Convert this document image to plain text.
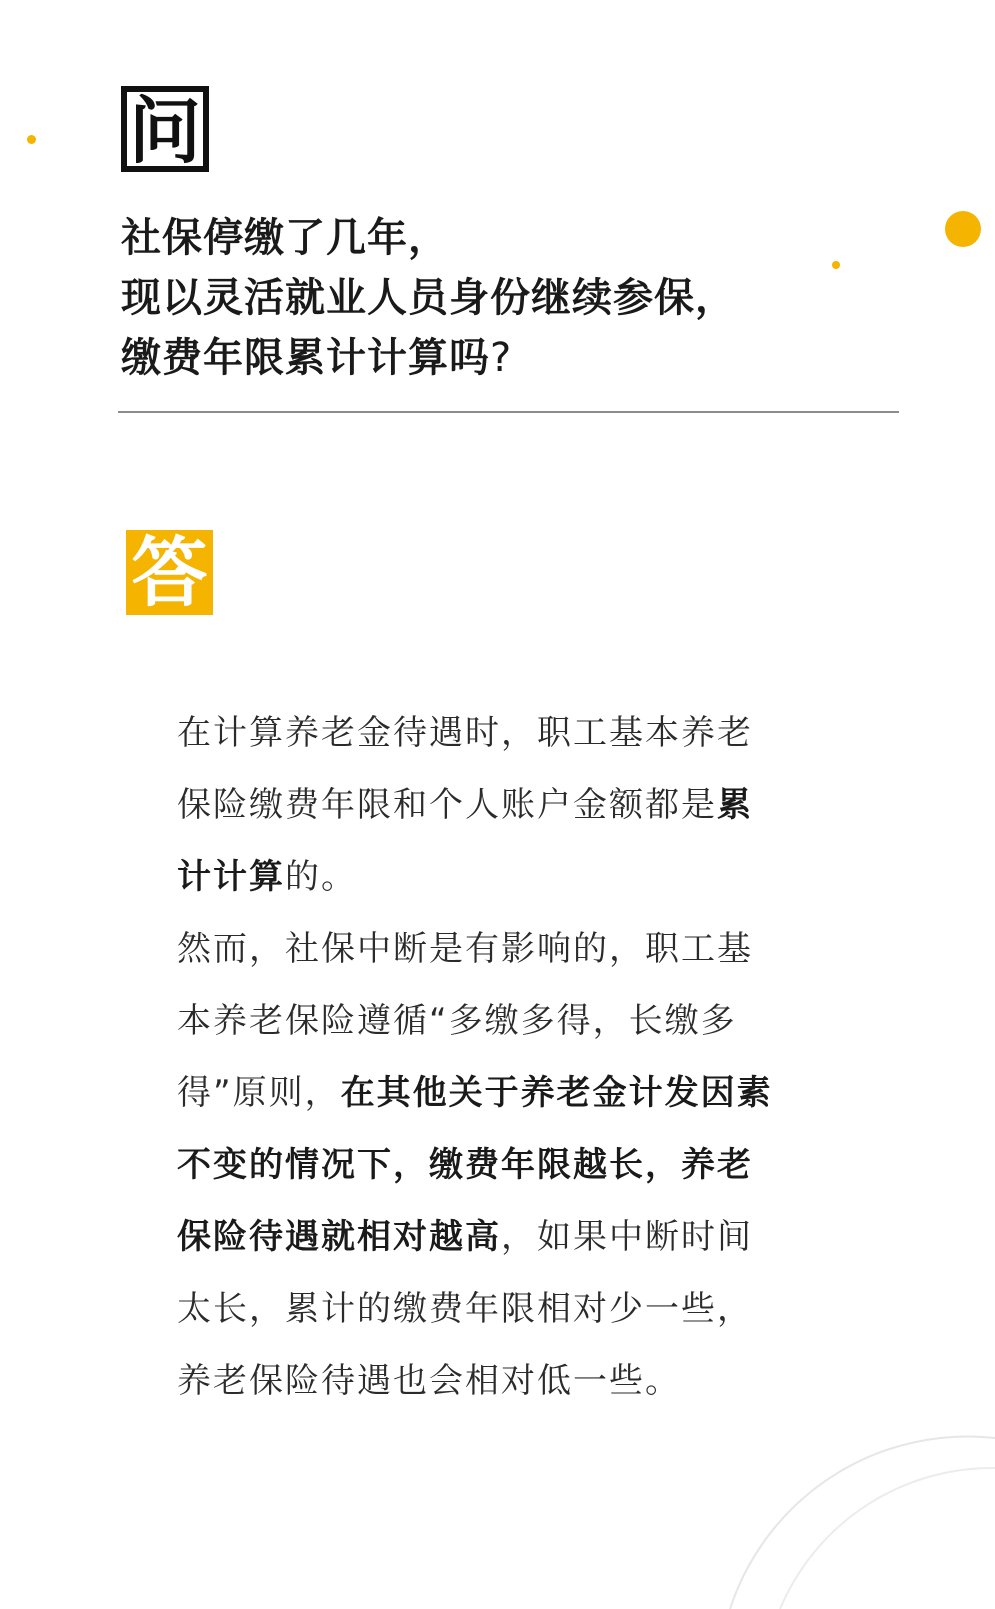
问
社保停缴了几年，
现以灵活就业人员身份继续参保，
缴费年限累计计算吗?
答

在计算养老金待遇时，职工基本养老保险缴费年限和个人账户金额都是累计计算的。

然而，社保中断是有影响的，职工基本养老保险遵循“多缴多得，长缴多得”原则，在其他关于养老金计发因素不变的情况下，缴费年限越长，养老保险待遇就相对越高，如果中断时间太长，累计的缴费年限相对少一些，养老保险待遇也会相对低一些。
